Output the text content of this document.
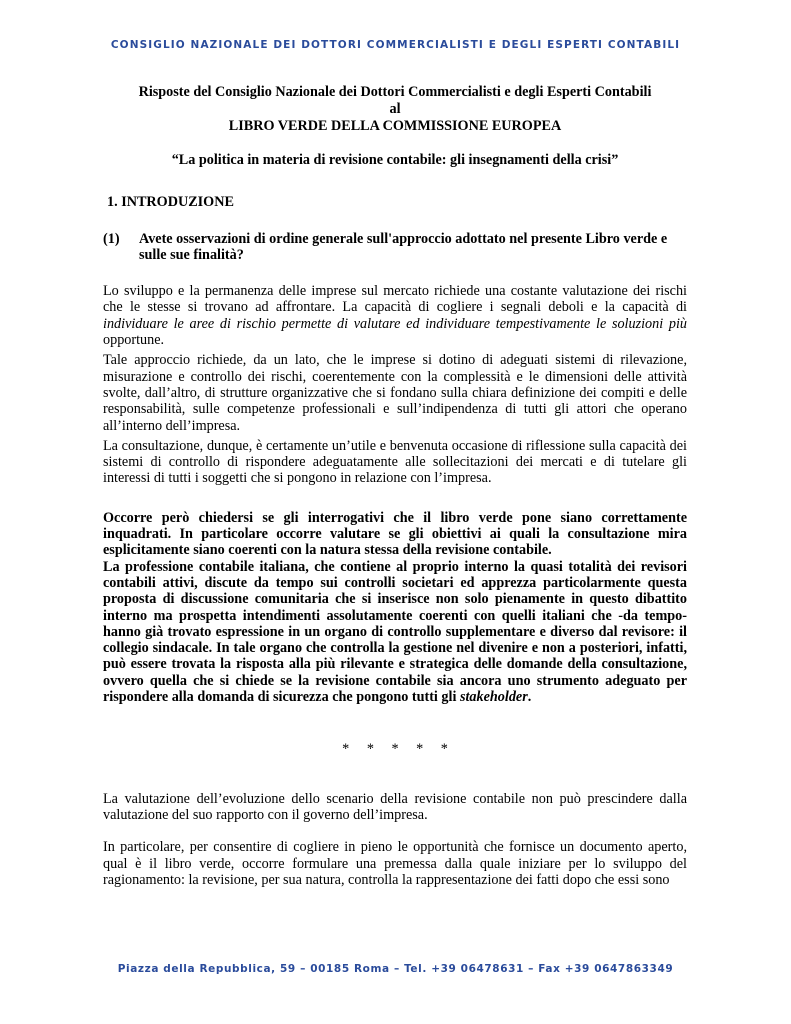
CONSIGLIO NAZIONALE DEI DOTTORI COMMERCIALISTI E DEGLI ESPERTI CONTABILI
Risposte del Consiglio Nazionale dei Dottori Commercialisti e degli Esperti Contabili
al
LIBRO VERDE DELLA COMMISSIONE EUROPEA
“La politica in materia di revisione contabile: gli insegnamenti della crisi”
1. INTRODUZIONE
(1)	Avete osservazioni di ordine generale sull'approccio adottato nel presente Libro verde e sulle sue finalità?

Lo sviluppo e la permanenza delle imprese sul mercato richiede una costante valutazione dei rischi che le stesse si trovano ad affrontare. La capacità di cogliere i segnali deboli e la capacità di individuare le aree di rischio permette di valutare ed individuare tempestivamente le soluzioni più opportune.

Tale approccio richiede, da un lato, che le imprese si dotino di adeguati sistemi di rilevazione, misurazione e controllo dei rischi, coerentemente con la complessità e le dimensioni delle attività svolte, dall’altro, di strutture organizzative che si fondano sulla chiara definizione dei compiti e delle responsabilità, sulle competenze professionali e sull’indipendenza di tutti gli attori che operano all’interno dell’impresa.

La consultazione, dunque, è certamente un’utile e benvenuta occasione di riflessione sulla capacità dei sistemi di controllo di rispondere adeguatamente alle sollecitazioni dei mercati e di tutelare gli interessi di tutti i soggetti che si pongono in relazione con l’impresa.

Occorre però chiedersi se gli interrogativi che il libro verde pone siano correttamente inquadrati. In particolare occorre valutare se gli obiettivi ai quali la consultazione mira esplicitamente siano coerenti con la natura stessa della revisione contabile.

La professione contabile italiana, che contiene al proprio interno la quasi totalità dei revisori contabili attivi, discute da tempo sui controlli societari ed apprezza particolarmente questa proposta di discussione comunitaria che si inserisce non solo pienamente in questo dibattito interno ma prospetta intendimenti assolutamente coerenti con quelli italiani che -da tempo- hanno già trovato espressione in un organo di controllo supplementare e diverso dal revisore: il collegio sindacale. In tale organo che controlla la gestione nel divenire e non a posteriori, infatti, può essere trovata la risposta alla più rilevante e strategica delle domande della consultazione, ovvero quella che si chiede se la revisione contabile sia ancora uno strumento adeguato per rispondere alla domanda di sicurezza che pongono tutti gli stakeholder.

* * * * *

La valutazione dell’evoluzione dello scenario della revisione contabile non può prescindere dalla valutazione del suo rapporto con il governo dell’impresa.

In particolare, per consentire di cogliere in pieno le opportunità che fornisce un documento aperto, qual è il libro verde, occorre formulare una premessa dalla quale iniziare per lo sviluppo del ragionamento: la revisione, per sua natura, controlla la rappresentazione dei fatti dopo che essi sono

Piazza della Repubblica, 59 – 00185 Roma – Tel. +39 06478631 – Fax +39 0647863349
